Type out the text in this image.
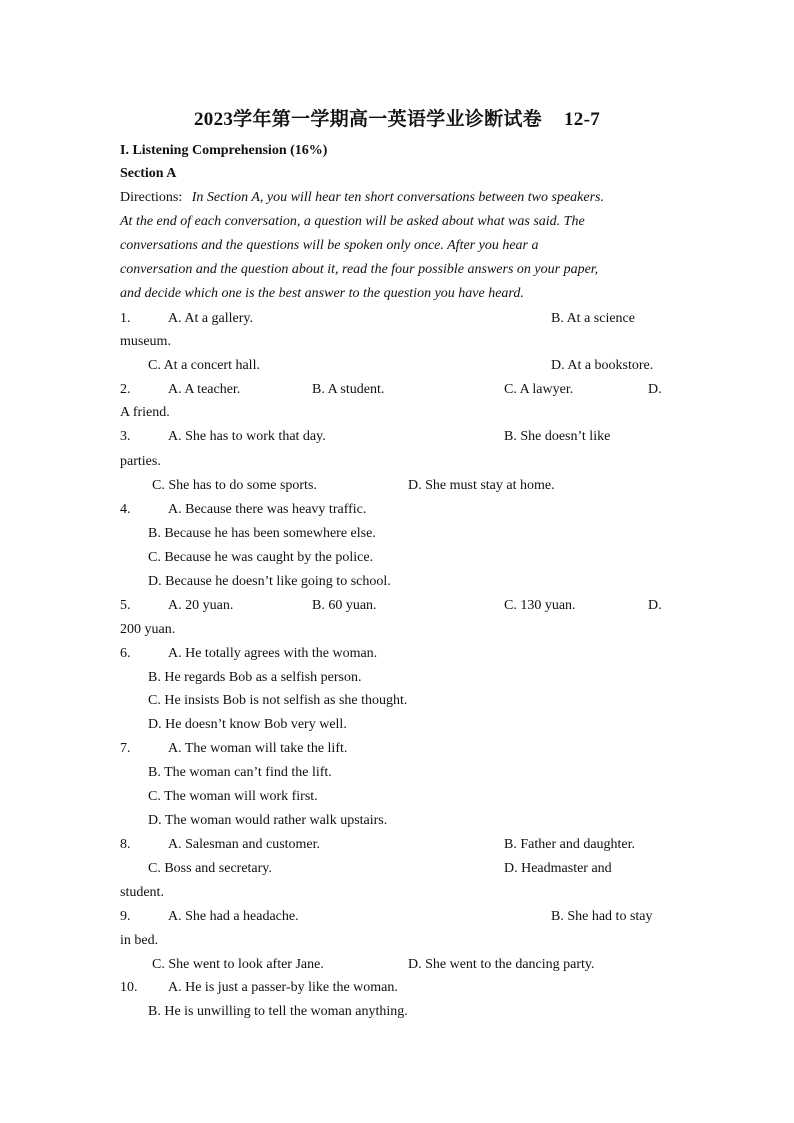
2023学年第一学期高一英语学业诊断试卷 12-7
I. Listening Comprehension (16%)
Section A
Directions: In Section A, you will hear ten short conversations between two speakers.
At the end of each conversation, a question will be asked about what was said. The
conversations and the questions will be spoken only once. After you hear a
conversation and the question about it, read the four possible answers on your paper,
and decide which one is the best answer to the question you have heard.
1.	A. At a gallery.	B. At a science
museum.
C. At a concert hall.	D. At a bookstore.
2.	A. A teacher.	B. A student.	C. A lawyer.	D.
A friend.
3.	A. She has to work that day.	B. She doesn’t like
parties.
C. She has to do some sports.	D. She must stay at home.
4.	A. Because there was heavy traffic.
B. Because he has been somewhere else.
C. Because he was caught by the police.
D. Because he doesn’t like going to school.
5.	A. 20 yuan.	B. 60 yuan.	C. 130 yuan.	D.
200 yuan.
6.	A. He totally agrees with the woman.
B. He regards Bob as a selfish person.
C. He insists Bob is not selfish as she thought.
D. He doesn’t know Bob very well.
7.	A. The woman will take the lift.
B. The woman can’t find the lift.
C. The woman will work first.
D. The woman would rather walk upstairs.
8.	A. Salesman and customer.	B. Father and daughter.
C. Boss and secretary.	D. Headmaster and
student.
9.	A. She had a headache.	B. She had to stay
in bed.
C. She went to look after Jane.	D. She went to the dancing party.
10. A. He is just a passer-by like the woman.
B. He is unwilling to tell the woman anything.
